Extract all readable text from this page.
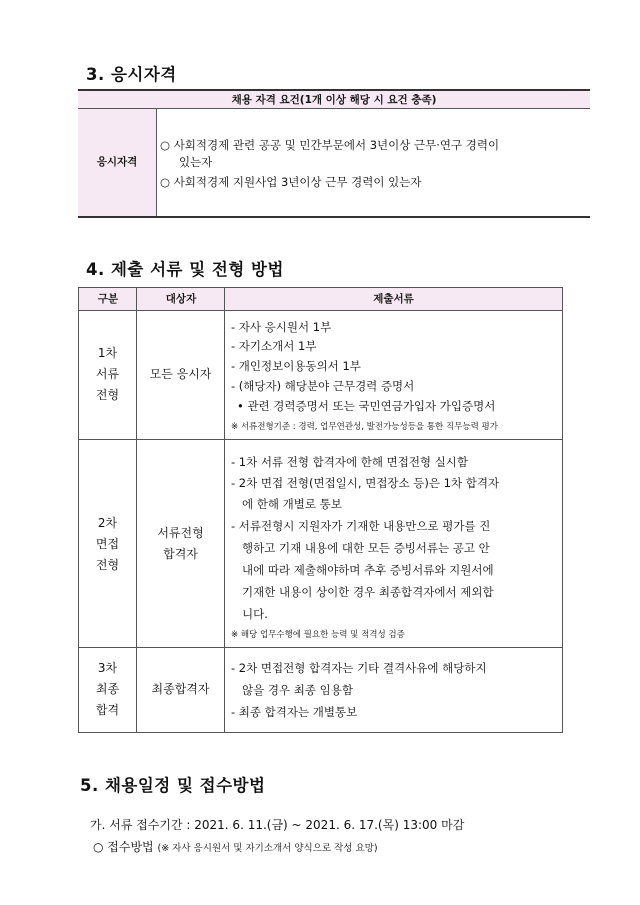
3. 응시자격
채용 자격 요건(1개 이상 해당 시 요건 충족)
응시자격
○ 사회적경제 관련 공공 및 민간부문에서 3년이상 근무·연구 경력이
있는자
○ 사회적경제 지원사업 3년이상 근무 경력이 있는자
4. 제출 서류 및 전형 방법
구분	대상자	제출서류
1차
서류
전형
모든 응시자
- 자사 응시원서 1부
- 자기소개서 1부
- 개인정보이용동의서 1부
- (해당자) 해당분야 근무경력 증명서
• 관련 경력증명서 또는 국민연금가입자 가입증명서
※ 서류전형기준 : 경력, 업무연관성, 발전가능성등을 통한 직무능력 평가
2차
면접
전형
서류전형
합격자
- 1차 서류 전형 합격자에 한해 면접전형 실시함
- 2차 면접 전형(면접일시, 면접장소 등)은 1차 합격자
에 한해 개별로 통보
- 서류전형시 지원자가 기재한 내용만으로 평가를 진
행하고 기재 내용에 대한 모든 증빙서류는 공고 안
내에 따라 제출해야하며 추후 증빙서류와 지원서에
기재한 내용이 상이한 경우 최종합격자에서 제외합
니다.
※ 해당 업무수행에 필요한 능력 및 적격성 검증
3차
최종
합격
최종합격자
- 2차 면접전형 합격자는 기타 결격사유에 해당하지
않을 경우 최종 임용함
- 최종 합격자는 개별통보
5. 채용일정 및 접수방법
가. 서류 접수기간 : 2021. 6. 11.(금) ~ 2021. 6. 17.(목) 13:00 마감
○ 접수방법 (※ 자사 응시원서 및 자기소개서 양식으로 작성 요망)
